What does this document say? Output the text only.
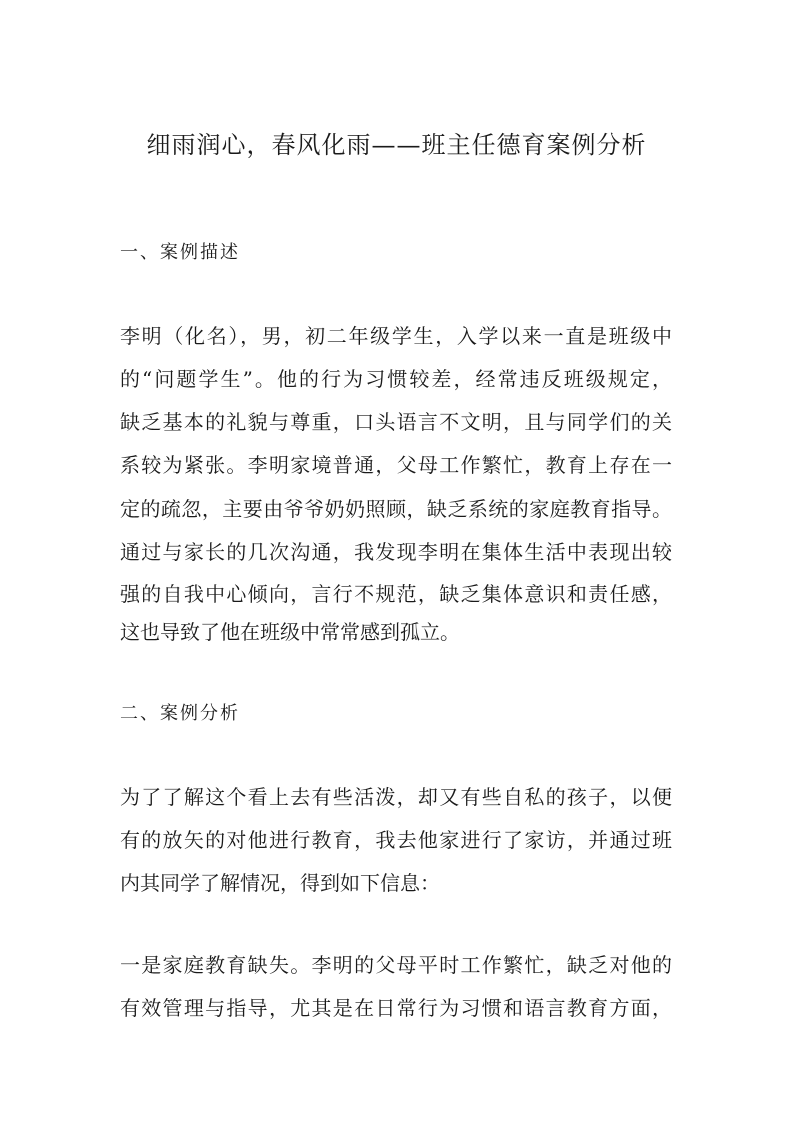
细雨润心，春风化雨——班主任德育案例分析
一、案例描述
李明（化名），男，初二年级学生，入学以来一直是班级中
的“问题学生”。他的行为习惯较差，经常违反班级规定，
缺乏基本的礼貌与尊重，口头语言不文明，且与同学们的关
系较为紧张。李明家境普通，父母工作繁忙，教育上存在一
定的疏忽，主要由爷爷奶奶照顾，缺乏系统的家庭教育指导。
通过与家长的几次沟通，我发现李明在集体生活中表现出较
强的自我中心倾向，言行不规范，缺乏集体意识和责任感，
这也导致了他在班级中常常感到孤立。
二、案例分析
为了了解这个看上去有些活泼，却又有些自私的孩子，以便
有的放矢的对他进行教育，我去他家进行了家访，并通过班
内其同学了解情况，得到如下信息：
一是家庭教育缺失。李明的父母平时工作繁忙，缺乏对他的
有效管理与指导，尤其是在日常行为习惯和语言教育方面，
